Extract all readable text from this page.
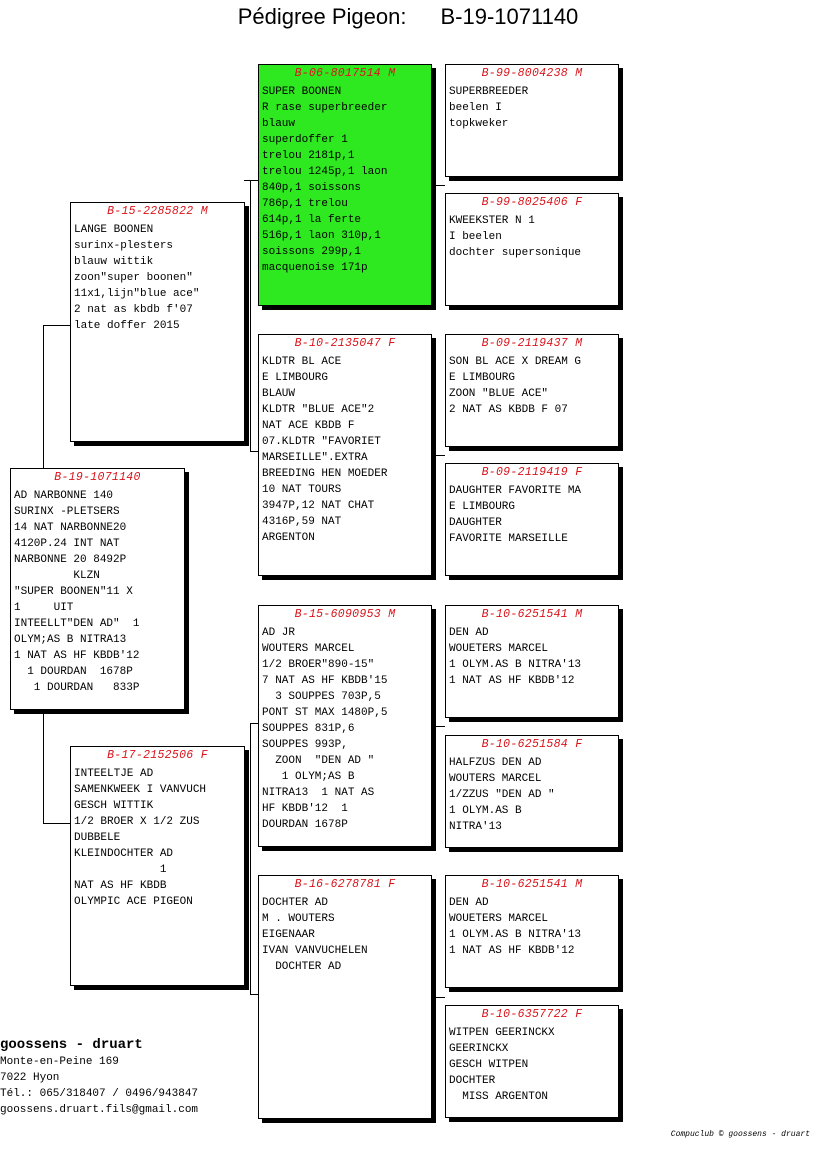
Pédigree Pigeon: B-19-1071140
B-19-1071140
AD NARBONNE 140
SURINX -PLETSERS
14 NAT NARBONNE20
4120P.24 INT NAT
NARBONNE 20 8492P
KLZN
"SUPER BOONEN"11 X
1     UIT
INTEELLT"DEN AD"  1
OLYM;AS B NITRA13
1 NAT AS HF KBDB'12
1 DOURDAN  1678P
1 DOURDAN   833P
B-15-2285822 M
LANGE BOONEN
surinx-plesters
blauw wittik
zoon"super boonen"
11x1,lijn"blue ace"
2 nat as kbdb f'07
late doffer 2015
B-17-2152506 F
INTEELTJE AD
SAMENKWEEK I VANVUCH
GESCH WITTIK
1/2 BROER X 1/2 ZUS
DUBBELE
KLEINDOCHTER AD
1
NAT AS HF KBDB
OLYMPIC ACE PIGEON
B-06-8017514 M
SUPER BOONEN
R rase superbreeder
blauw
superdoffer 1
trelou 2181p,1
trelou 1245p,1 laon
840p,1 soissons
786p,1 trelou
614p,1 la ferte
516p,1 laon 310p,1
soissons 299p,1
macquenoise 171p
B-10-2135047 F
KLDTR BL ACE
E LIMBOURG
BLAUW
KLDTR "BLUE ACE"2
NAT ACE KBDB F
07.KLDTR "FAVORIET
MARSEILLE".EXTRA
BREEDING HEN MOEDER
10 NAT TOURS
3947P,12 NAT CHAT
4316P,59 NAT
ARGENTON
B-15-6090953 M
AD JR
WOUTERS MARCEL
1/2 BROER"890-15"
7 NAT AS HF KBDB'15
3 SOUPPES 703P,5
PONT ST MAX 1480P,5
SOUPPES 831P,6
SOUPPES 993P,
ZOON  "DEN AD "
1 OLYM;AS B
NITRA13  1 NAT AS
HF KBDB'12  1
DOURDAN 1678P
B-16-6278781 F
DOCHTER AD
M . WOUTERS
EIGENAAR
IVAN VANVUCHELEN
DOCHTER AD
B-99-8004238 M
SUPERBREEDER
beelen I
topkweker
B-99-8025406 F
KWEEKSTER N 1
I beelen
dochter supersonique
B-09-2119437 M
SON BL ACE X DREAM G
E LIMBOURG
ZOON "BLUE ACE"
2 NAT AS KBDB F 07
B-09-2119419 F
DAUGHTER FAVORITE MA
E LIMBOURG
DAUGHTER
FAVORITE MARSEILLE
B-10-6251541 M
DEN AD
WOUETERS MARCEL
1 OLYM.AS B NITRA'13
1 NAT AS HF KBDB'12
B-10-6251584 F
HALFZUS DEN AD
WOUTERS MARCEL
1/ZZUS "DEN AD "
1 OLYM.AS B
NITRA'13
B-10-6251541 M
DEN AD
WOUETERS MARCEL
1 OLYM.AS B NITRA'13
1 NAT AS HF KBDB'12
B-10-6357722 F
WITPEN GEERINCKX
GEERINCKX
GESCH WITPEN
DOCHTER
MISS ARGENTON
goossens - druart
Monte-en-Peine 169
7022 Hyon
Tél.: 065/318407 / 0496/943847
goossens.druart.fils@gmail.com
Compuclub © goossens - druart
